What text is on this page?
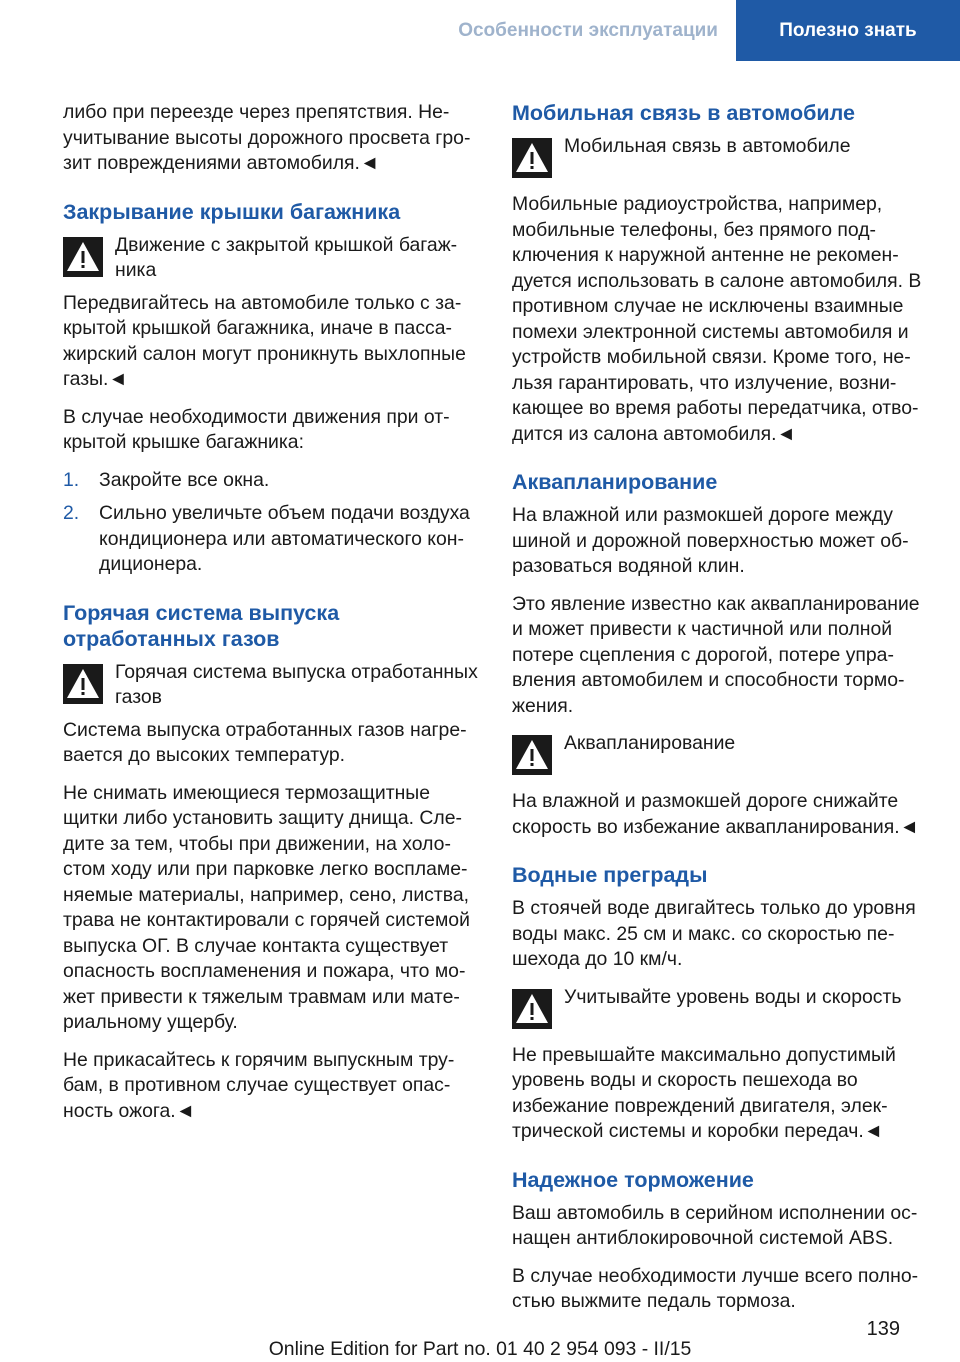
Особенности эксплуатации	Полезно знать

либо при переезде через препятствия. Неучитывание высоты дорожного просвета грозит повреждениями автомобиля.◄

Закрывание крышки багажника

Движение с закрытой крышкой багажника

Передвигайтесь на автомобиле только с закрытой крышкой багажника, иначе в пассажирский салон могут проникнуть выхлопные газы.◄

В случае необходимости движения при открытой крышке багажника:

1. Закройте все окна.
2. Сильно увеличьте объем подачи воздуха кондиционера или автоматического кондиционера.
Горячая система выпуска отработанных газов

Горячая система выпуска отработанных газов

Система выпуска отработанных газов нагревается до высоких температур.

Не снимать имеющиеся термозащитные щитки либо установить защиту днища. Следите за тем, чтобы при движении, на холостом ходу или при парковке легко воспламеняемые материалы, например, сено, листва, трава не контактировали с горячей системой выпуска ОГ. В случае контакта существует опасность воспламенения и пожара, что может привести к тяжелым травмам или материальному ущербу.

Не прикасайтесь к горячим выпускным трубам, в противном случае существует опасность ожога.◄

Мобильная связь в автомобиле

Мобильная связь в автомобиле

Мобильные радиоустройства, например, мобильные телефоны, без прямого подключения к наружной антенне не рекомендуется использовать в салоне автомобиля. В противном случае не исключены взаимные помехи электронной системы автомобиля и устройств мобильной связи. Кроме того, нельзя гарантировать, что излучение, возникающее во время работы передатчика, отводится из салона автомобиля.◄

Аквапланирование

На влажной или размокшей дороге между шиной и дорожной поверхностью может образоваться водяной клин.

Это явление известно как аквапланирование и может привести к частичной или полной потере сцепления с дорогой, потере управления автомобилем и способности торможения.

Аквапланирование

На влажной и размокшей дороге снижайте скорость во избежание аквапланирования.◄

Водные преграды

В стоячей воде двигайтесь только до уровня воды макс. 25 см и макс. со скоростью пешехода до 10 км/ч.

Учитывайте уровень воды и скорость

Не превышайте максимально допустимый уровень воды и скорость пешехода во избежание повреждений двигателя, электрической системы и коробки передач.◄

Надежное торможение

Ваш автомобиль в серийном исполнении оснащен антиблокировочной системой ABS.

В случае необходимости лучше всего полностью выжмите педаль тормоза.

139
Online Edition for Part no. 01 40 2 954 093 - II/15
